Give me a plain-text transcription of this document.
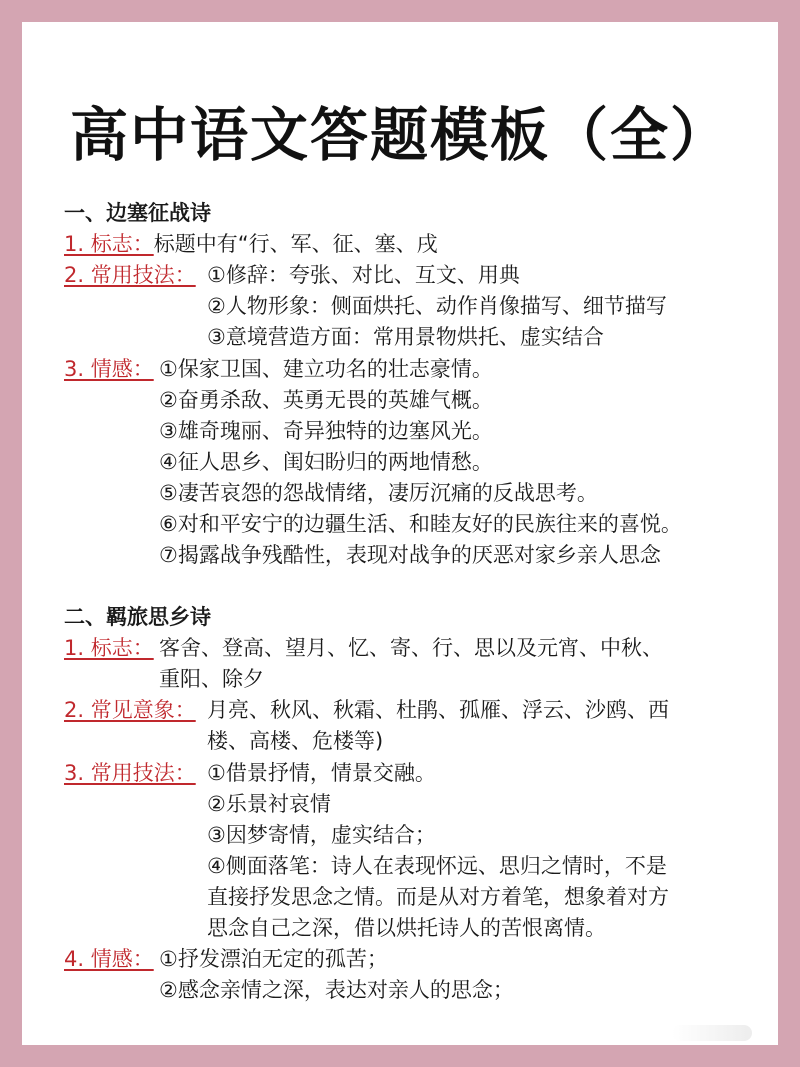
高中语文答题模板（全）
一、边塞征战诗
1. 标志：标题中有“行、军、征、塞、戌
2. 常用技法： ①修辞：夸张、对比、互文、用典
②人物形象：侧面烘托、动作肖像描写、细节描写
③意境营造方面：常用景物烘托、虚实结合
3. 情感： ①保家卫国、建立功名的壮志豪情。
②奋勇杀敌、英勇无畏的英雄气概。
③雄奇瑰丽、奇异独特的边塞风光。
④征人思乡、闺妇盼归的两地情愁。
⑤凄苦哀怨的怨战情绪，凄厉沉痛的反战思考。
⑥对和平安宁的边疆生活、和睦友好的民族往来的喜悦。
⑦揭露战争残酷性，表现对战争的厌恶对家乡亲人思念
二、羁旅思乡诗
1. 标志： 客舍、登高、望月、忆、寄、行、思以及元宵、中秋、
重阳、除夕
2. 常见意象： 月亮、秋风、秋霜、杜鹃、孤雁、浮云、沙鸥、西
楼、高楼、危楼等)
3. 常用技法： ①借景抒情，情景交融。
②乐景衬哀情
③因梦寄情，虚实结合；
④侧面落笔：诗人在表现怀远、思归之情时，不是
直接抒发思念之情。而是从对方着笔，想象着对方
思念自己之深，借以烘托诗人的苦恨离情。
4. 情感： ①抒发漂泊无定的孤苦；
②感念亲情之深，表达对亲人的思念；
